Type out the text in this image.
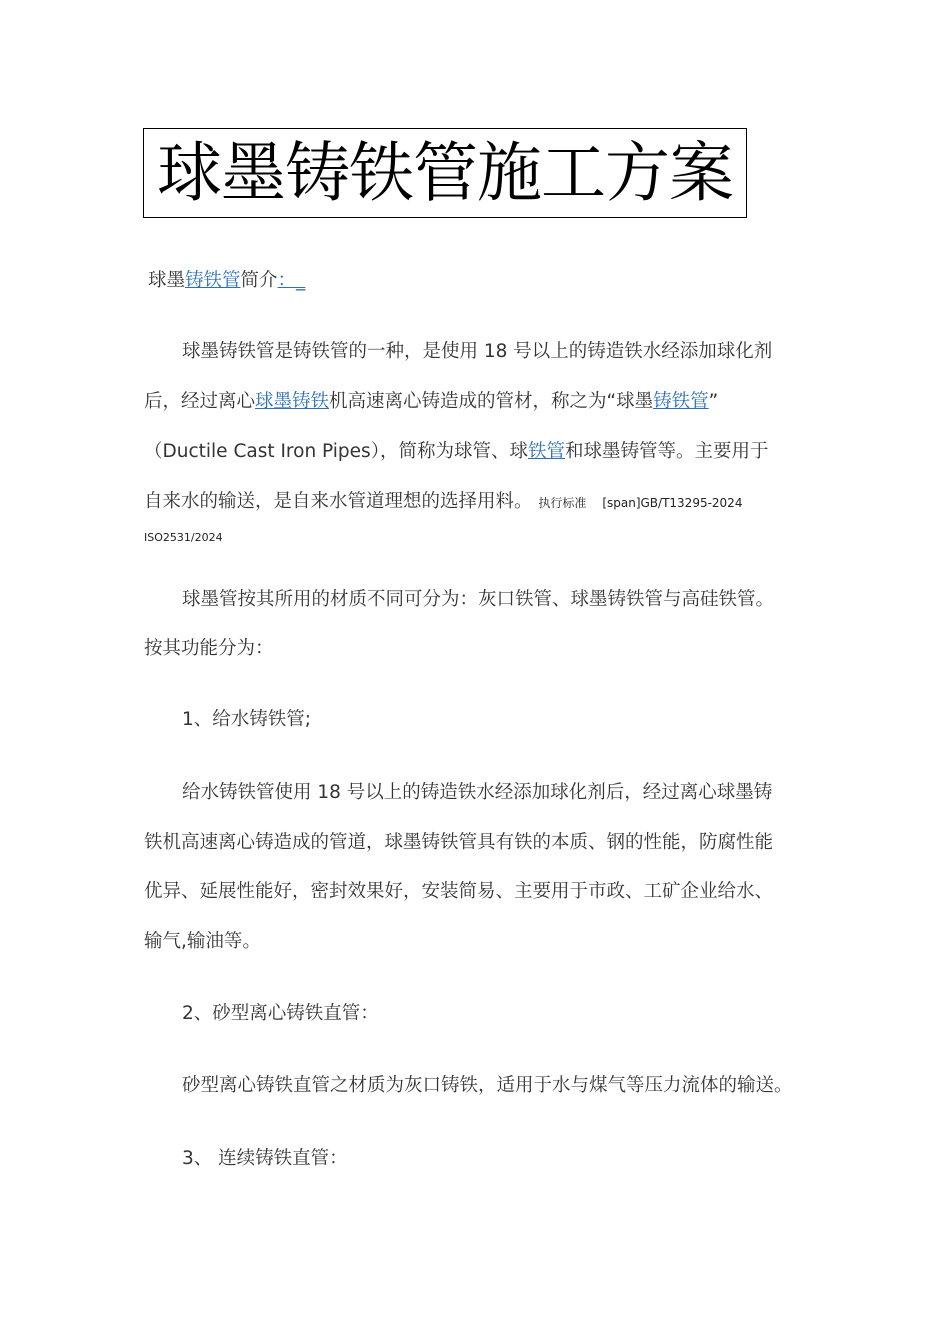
球墨铸铁管施工方案
球墨铸铁管简介：_
球墨铸铁管是铸铁管的一种，是使用 18 号以上的铸造铁水经添加球化剂
后，经过离心球墨铸铁机高速离心铸造成的管材，称之为“球墨铸铁管”
（Ductile Cast Iron Pipes），简称为球管、球铁管和球墨铸管等。主要用于
自来水的输送，是自来水管道理想的选择用料。 执行标准 [span]GB/T13295-2024
ISO2531/2024
球墨管按其所用的材质不同可分为：灰口铁管、球墨铸铁管与高硅铁管。
按其功能分为：
1、给水铸铁管;
给水铸铁管使用 18 号以上的铸造铁水经添加球化剂后，经过离心球墨铸
铁机高速离心铸造成的管道，球墨铸铁管具有铁的本质、钢的性能，防腐性能
优异、延展性能好，密封效果好，安装简易、主要用于市政、工矿企业给水、
输气,输油等。
2、砂型离心铸铁直管：
砂型离心铸铁直管之材质为灰口铸铁，适用于水与煤气等压力流体的输送。
3、 连续铸铁直管：
